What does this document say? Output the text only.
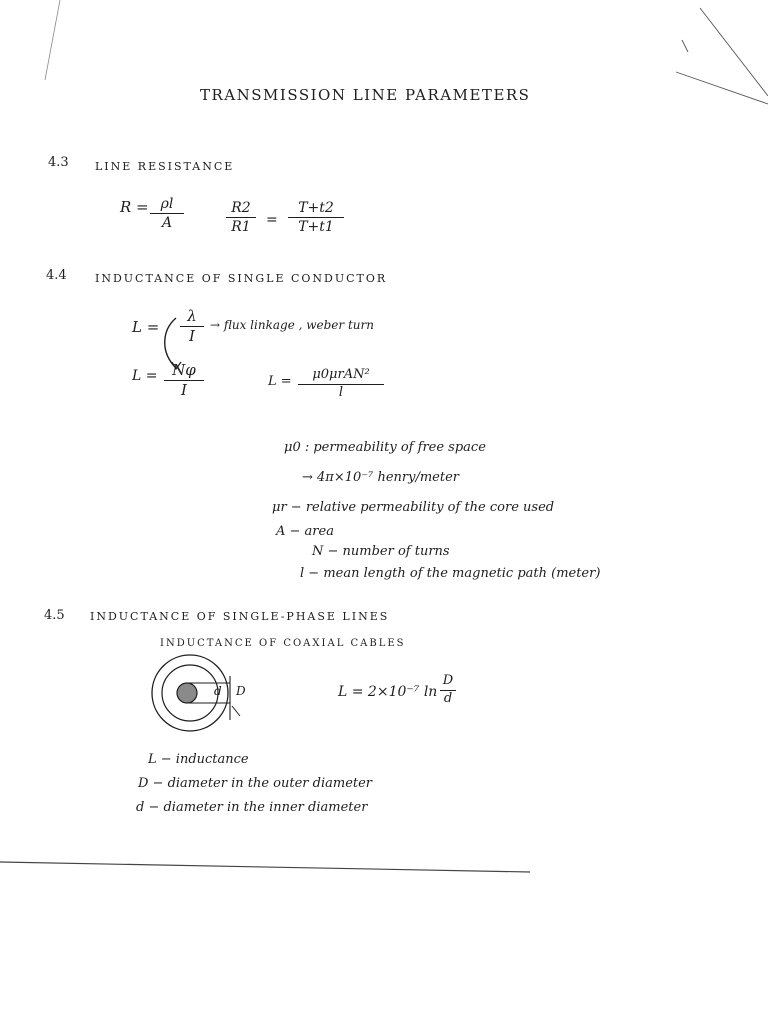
TRANSMISSION LINE PARAMETERS
4.3 LINE RESISTANCE
R = ρl
A
R2
R1	=
T+t2
T+t1
4.4	INDUCTANCE OF SINGLE CONDUCTOR
L =
λ
I
→ flux linkage , weber turn
L = Nφ
I	L =	μ0μrAN²
l
μ0 : permeability of free space
→ 4π×10⁻⁷ henry/meter
μr − relative permeability of the core used
A − area
N − number of turns
l − mean length of the magnetic path (meter)
4.5 INDUCTANCE OF SINGLE-PHASE LINES
INDUCTANCE OF COAXIAL CABLES
d D	L = 2×10⁻⁷ ln
D
d
L − inductance
D − diameter in the outer diameter
d − diameter in the inner diameter
